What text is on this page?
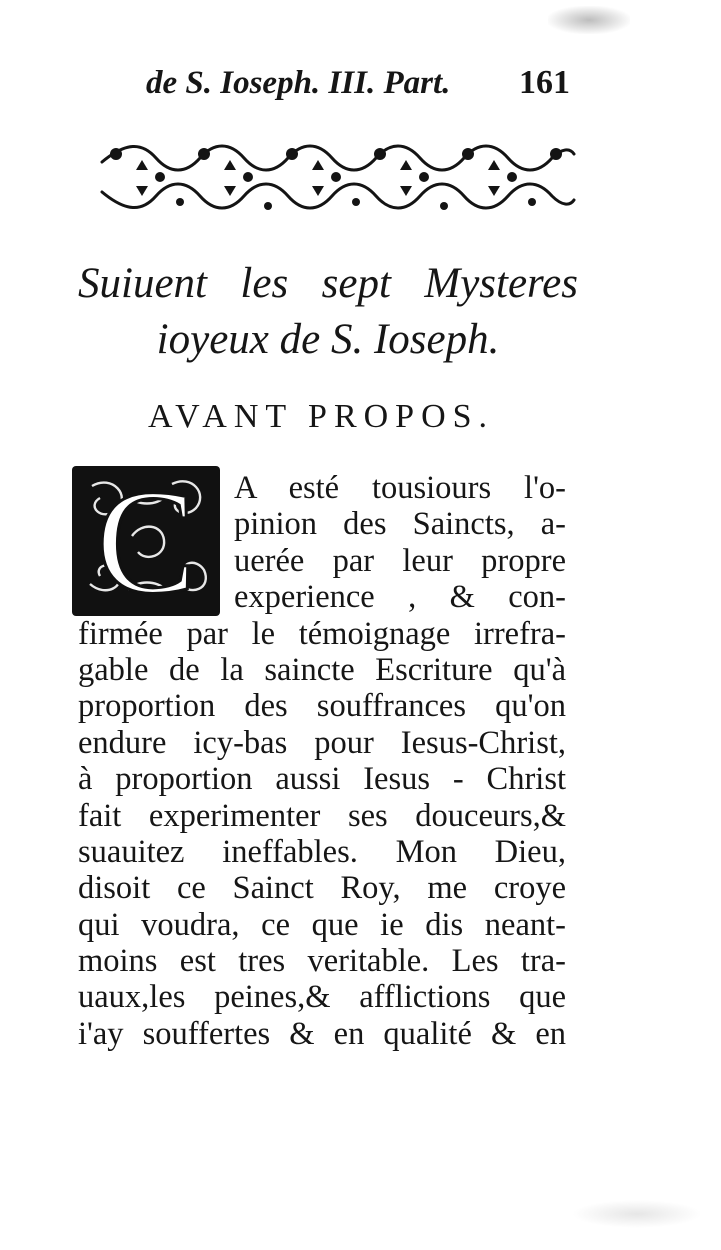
de S. Ioseph. III. Part. 161
Suiuent les sept Mysteres
ioyeux de S. Ioseph.
AVANT PROPOS.
C	A esté tousiours l'o-
pinion des Saincts, a-
uerée par leur propre
experience , & con-
firmée par le témoignage irrefra-
gable de la saincte Escriture qu'à
proportion des souffrances qu'on
endure icy-bas pour Iesus-Christ,
à proportion aussi Iesus - Christ
fait experimenter ses douceurs,&
suauitez ineffables. Mon Dieu,
disoit ce Sainct Roy, me croye
qui voudra, ce que ie dis neant-
moins est tres veritable. Les tra-
uaux,les peines,& afflictions que
i'ay souffertes & en qualité & en
